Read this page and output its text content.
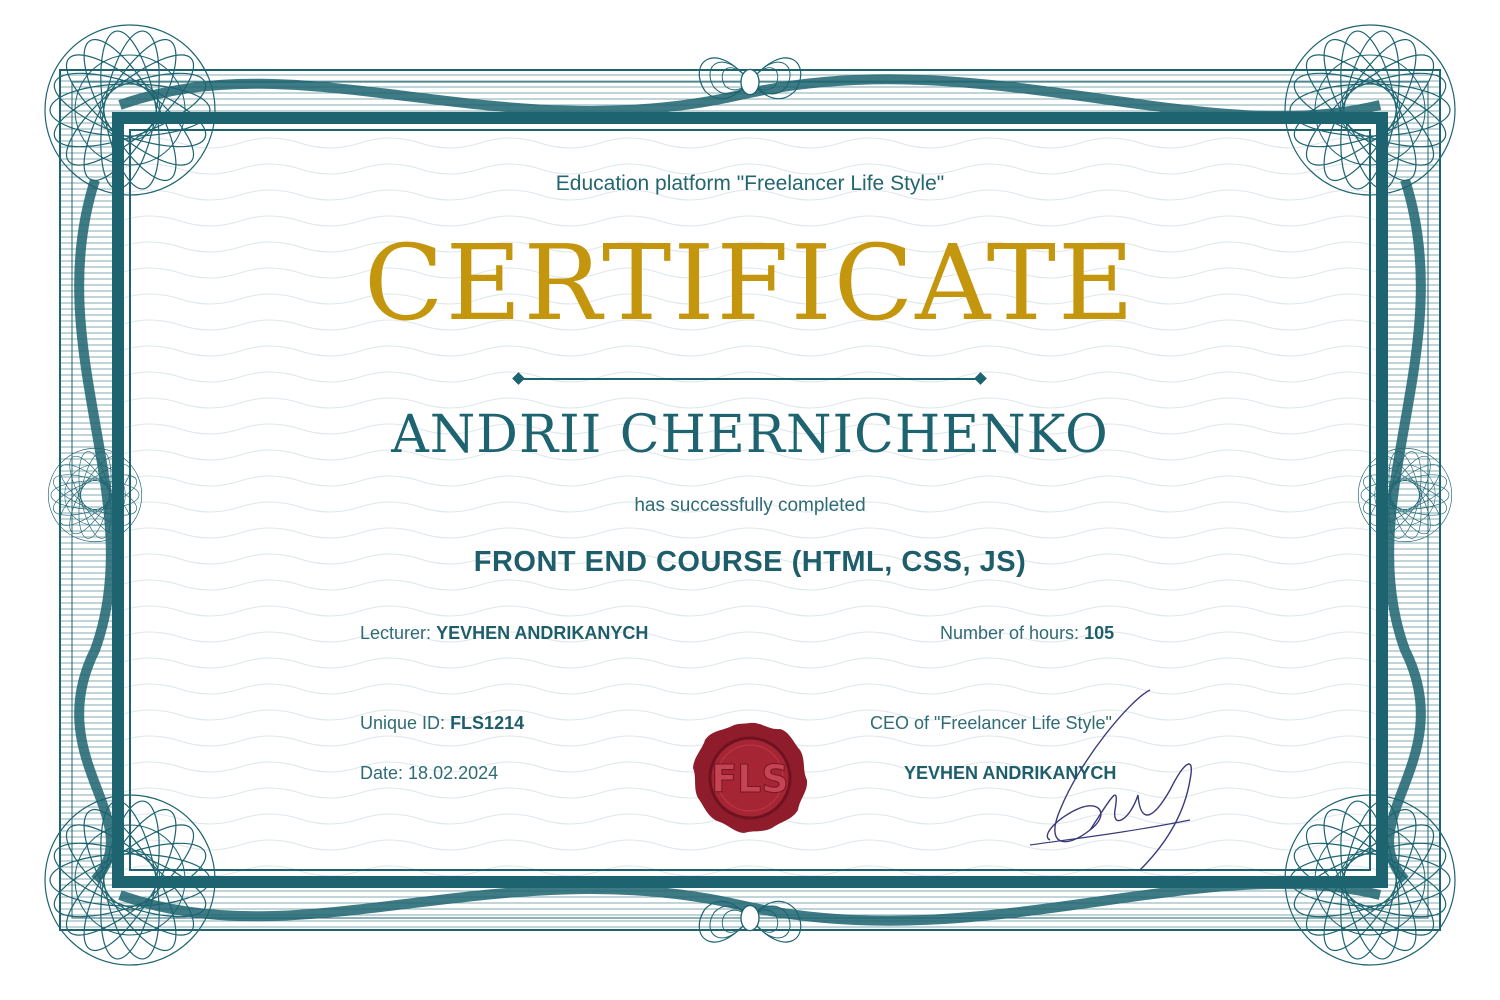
Education platform "Freelancer Life Style"

CERTIFICATE
ANDRII CHERNICHENKO

has successfully completed

FRONT END COURSE (HTML, CSS, JS)

Lecturer: YEVHEN ANDRIKANYCH	Number of hours: 105

Unique ID: FLS1214

Date: 18.02.2024

CEO of "Freelancer Life Style"

YEVHEN ANDRIKANYCH

FLS
